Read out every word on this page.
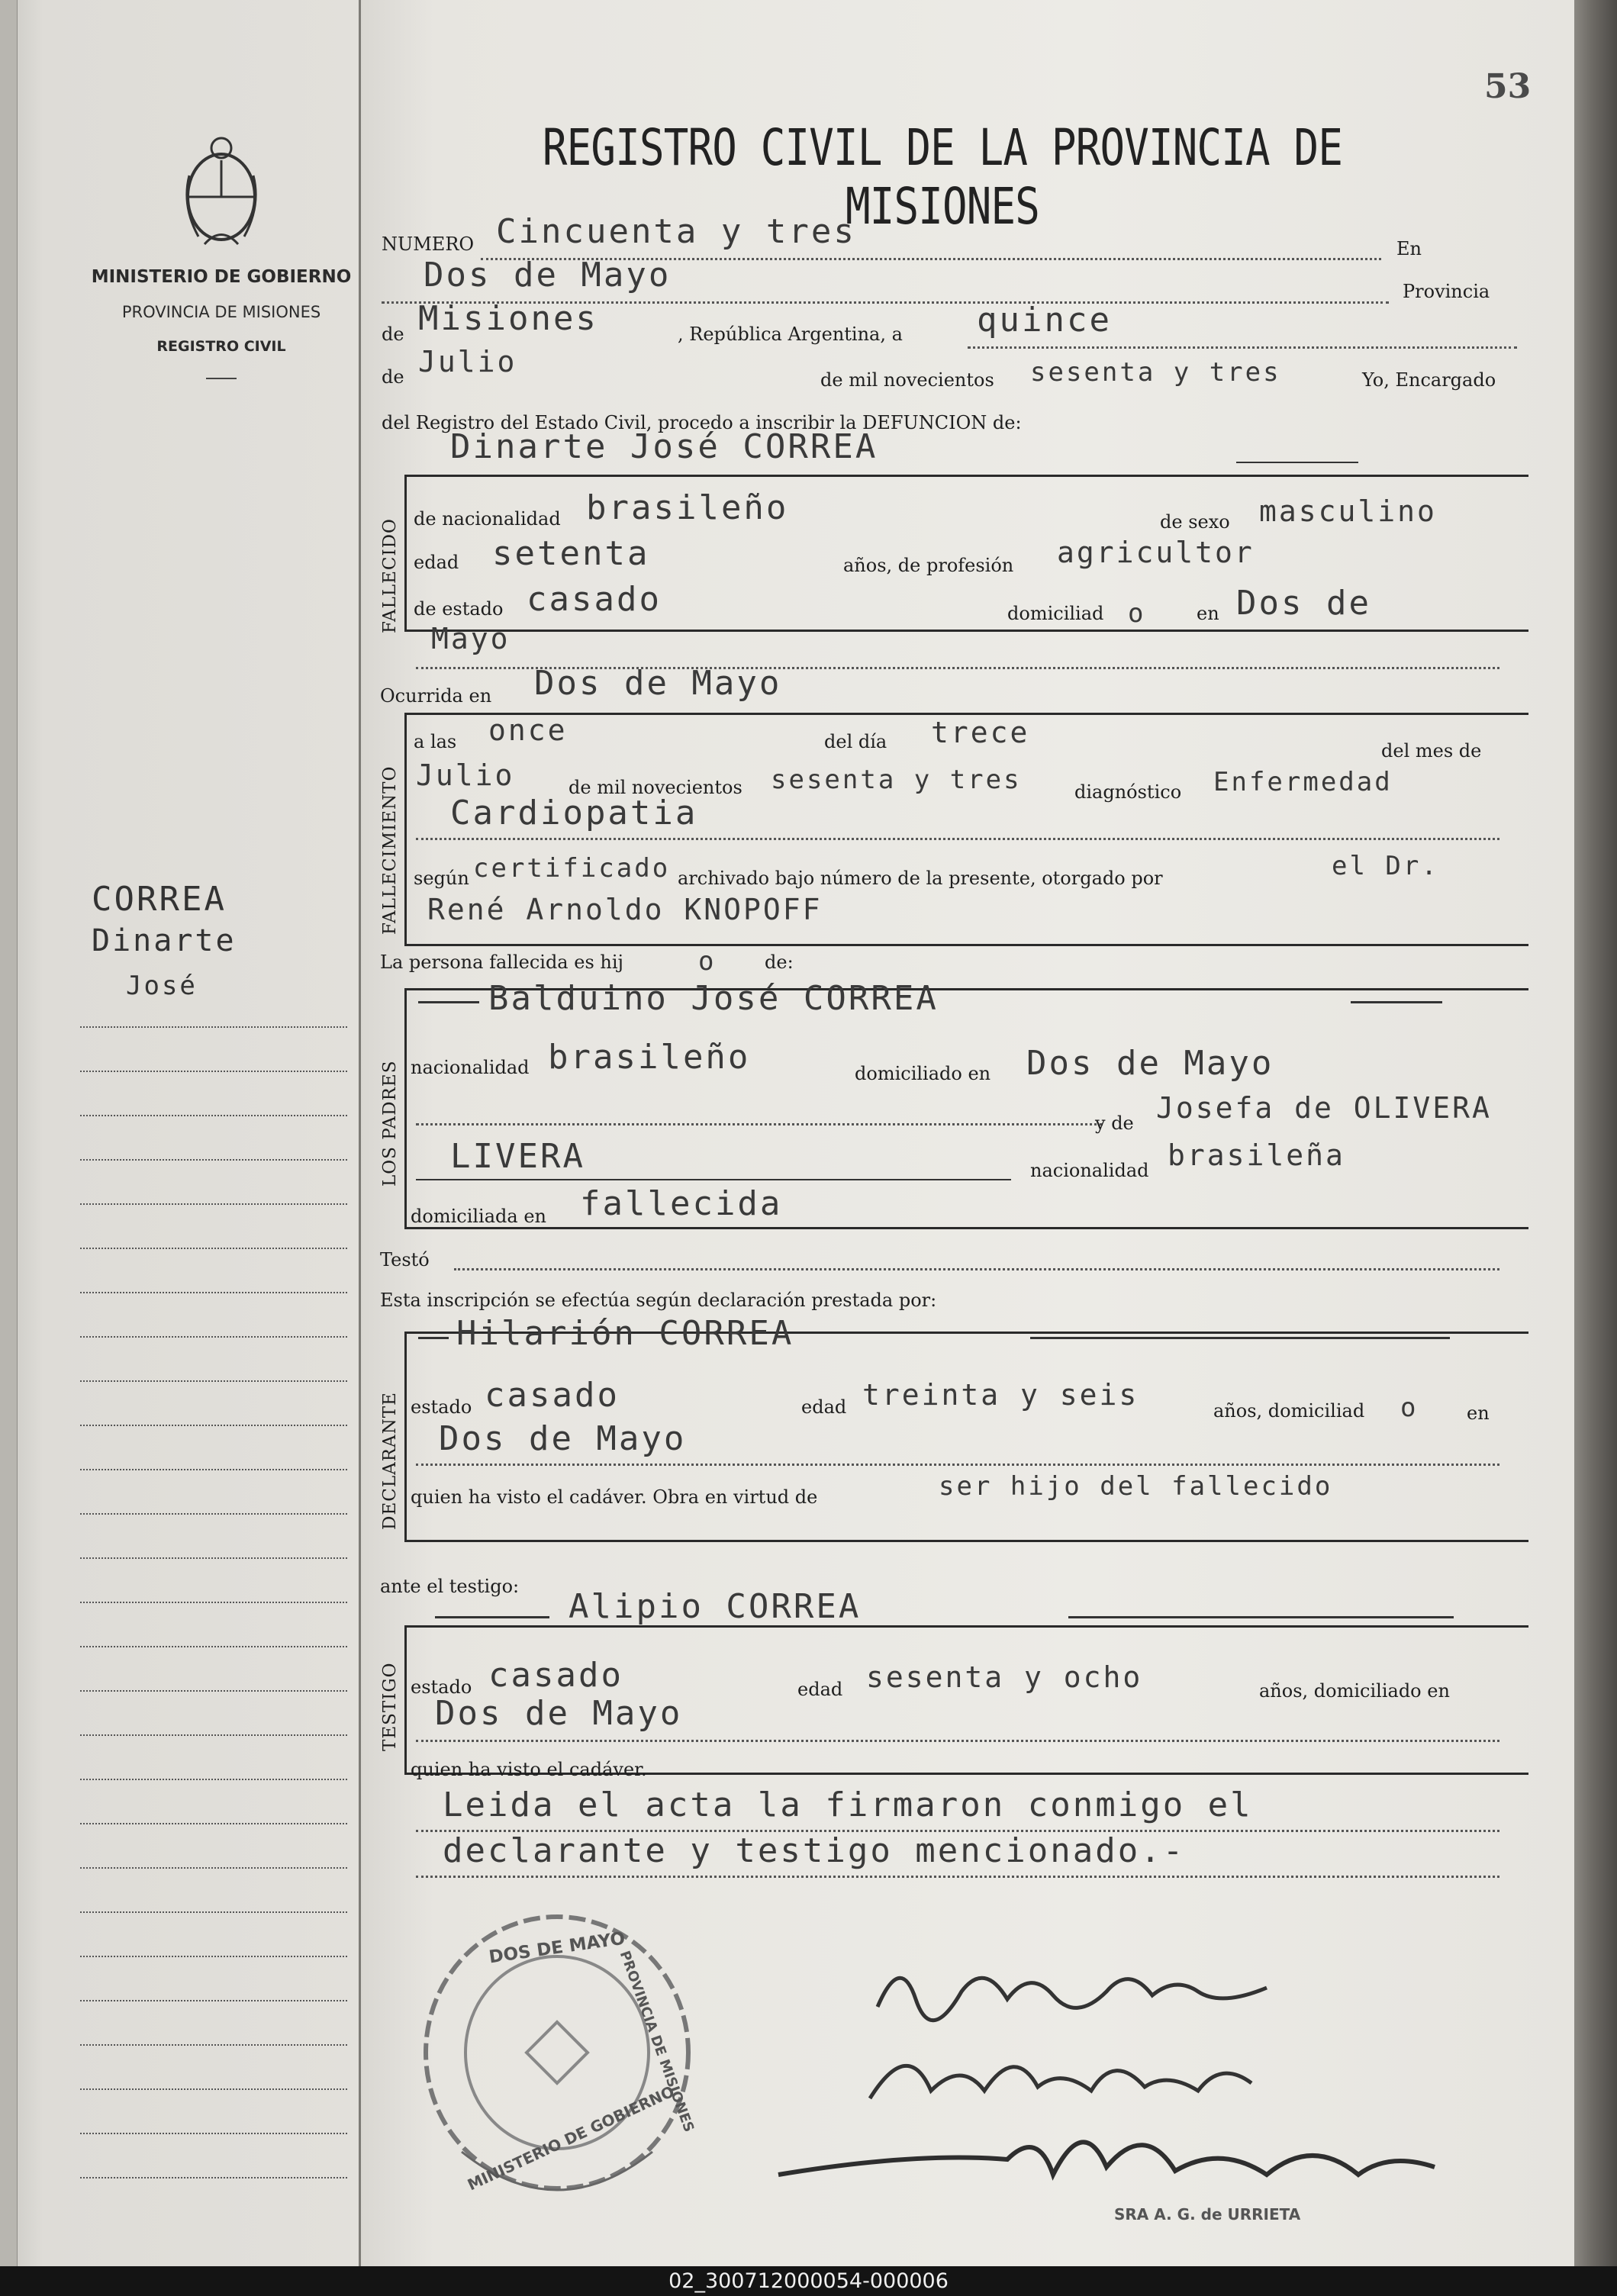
MINISTERIO DE GOBIERNO
PROVINCIA DE MISIONES
REGISTRO CIVIL
CORREA
Dinarte
José
53
REGISTRO CIVIL DE LA PROVINCIA DE MISIONES
NUMERO Cincuenta y tres	En
Dos de Mayo	Provincia
de Misiones	, República Argentina, a quince
de Julio
de mil novecientos sesenta y tres	Yo, Encargado
del Registro del Estado Civil, procedo a inscribir la DEFUNCION de:
Dinarte José CORREA
FALLECIDO de nacionalidad brasileño	de sexo masculino
edad setenta	años, de profesión agricultor
de estado casado	domiciliad o	en Dos de
Mayo
Ocurrida en Dos de Mayo
FALLECIMIENTO
a las once	del día trece
del mes de
Julio	de mil novecientos sesenta y tres	diagnóstico Enfermedad
Cardiopatia
según certificado archivado bajo número de la presente, otorgado por	el Dr.
René Arnoldo KNOPOFF
La persona fallecida es hij	o	de:
LOS PADRES
Balduino José CORREA
nacionalidad brasileño	domiciliado en Dos de Mayo
y de Josefa de OLIVERA
LIVERA	nacionalidad brasileña
domiciliada en fallecida
Testó
Esta inscripción se efectúa según declaración prestada por:
DECLARANTE
Hilarión CORREA
estado casado	edad treinta y seis	años, domiciliad o	en
Dos de Mayo
quien ha visto el cadáver. Obra en virtud de	ser hijo del fallecido
ante el testigo:
TESTIGO
Alipio CORREA
estado casado	edad sesenta y ocho	años, domiciliado en
Dos de Mayo
quien ha visto el cadáver.
Leida el acta la firmaron conmigo el
declarante y testigo mencionado.-
DOS DE MAYO
PROVINCIA DE MISIONES
MINISTERIO DE GOBIERNO
SRA A. G. de URRIETA
02_300712000054-000006
